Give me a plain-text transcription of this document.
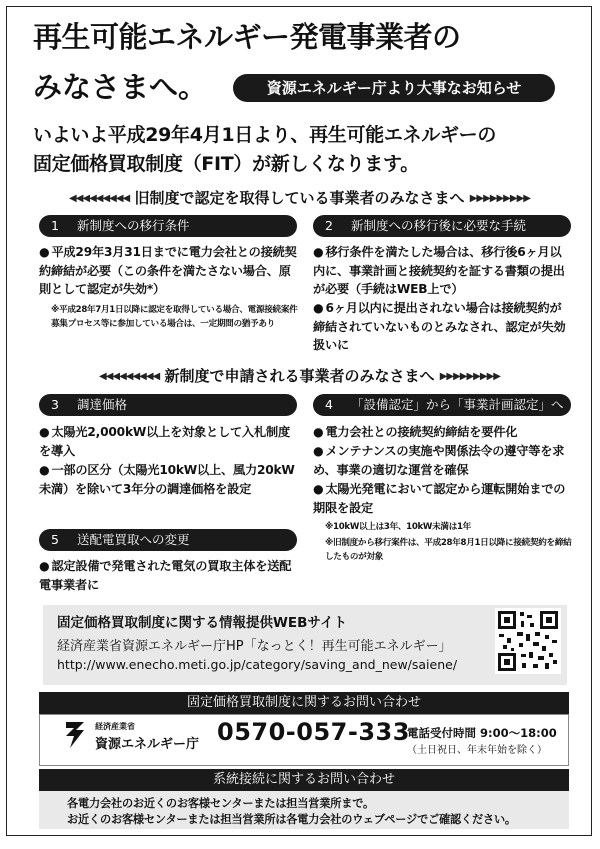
再生可能エネルギー発電事業者の
みなさまへ。	資源エネルギー庁より大事なお知らせ
いよいよ平成29年4月1日より、再生可能エネルギーの
固定価格買取制度（FIT）が新しくなります。
◀◀◀◀◀◀◀◀◀ 旧制度で認定を取得している事業者のみなさまへ ▶▶▶▶▶▶▶▶▶
1 新制度への移行条件
● 平成29年3月31日までに電力会社との接続契約締結が必要（この条件を満たさない場合、原則として認定が失効*）
※平成28年7月1日以降に認定を取得している場合、電源接続案件募集プロセス等に参加している場合は、一定期間の猶予あり
2 新制度への移行後に必要な手続
● 移行条件を満たした場合は、移行後6ヶ月以内に、事業計画と接続契約を証する書類の提出が必要（手続はWEB上で）
● 6ヶ月以内に提出されない場合は接続契約が締結されていないものとみなされ、認定が失効扱いに
◀◀◀◀◀◀◀◀◀ 新制度で申請される事業者のみなさまへ ▶▶▶▶▶▶▶▶▶
3 調達価格
● 太陽光2,000kW以上を対象として入札制度を導入
● 一部の区分（太陽光10kW以上、風力20kW未満）を除いて3年分の調達価格を設定
4 「設備認定」から「事業計画認定」へ
● 電力会社との接続契約締結を要件化
● メンテナンスの実施や関係法令の遵守等を求め、事業の適切な運営を確保
● 太陽光発電において認定から運転開始までの期限を設定
※10kW以上は3年、10kW未満は1年
※旧制度から移行案件は、平成28年8月1日以降に接続契約を締結したものが対象
5 送配電買取への変更
● 認定設備で発電された電気の買取主体を送配電事業者に
固定価格買取制度に関する情報提供WEBサイト
経済産業省資源エネルギー庁HP「なっとく！再生可能エネルギー」
http://www.enecho.meti.go.jp/category/saving_and_new/saiene/
固定価格買取制度に関するお問い合わせ
経済産業省
資源エネルギー庁 0570-057-333
電話受付時間 9:00～18:00
（土日祝日、年末年始を除く）
系統接続に関するお問い合わせ
各電力会社のお近くのお客様センターまたは担当営業所まで。
お近くのお客様センターまたは担当営業所は各電力会社のウェブページでご確認ください。
